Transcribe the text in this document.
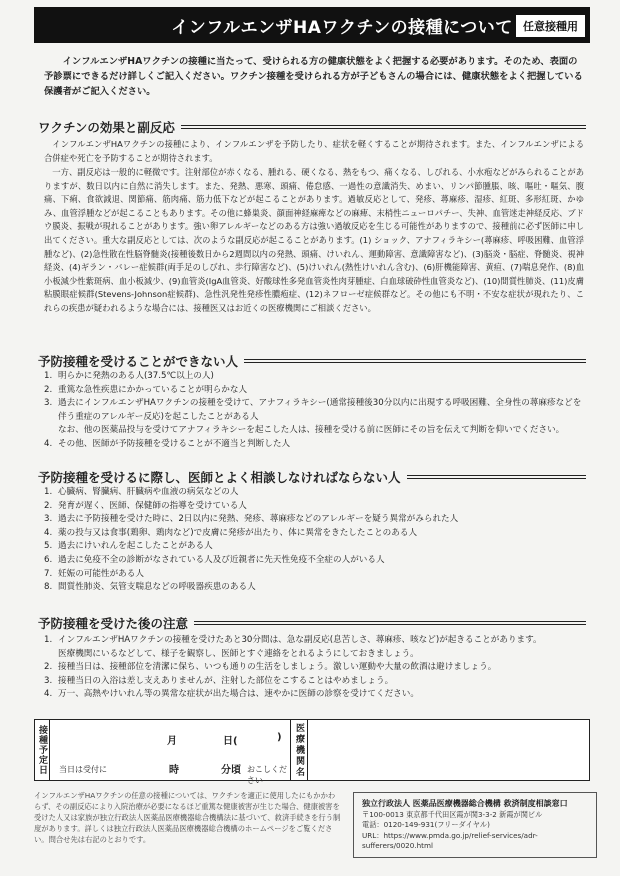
インフルエンザHAワクチンの接種について 任意接種用
インフルエンザHAワクチンの接種に当たって、受けられる方の健康状態をよく把握する必要があります。そのため、表面の予診票にできるだけ詳しくご記入ください。ワクチン接種を受けられる方が子どもさんの場合には、健康状態をよく把握している保護者がご記入ください。
ワクチンの効果と副反応
インフルエンザHAワクチンの接種により、インフルエンザを予防したり、症状を軽くすることが期待されます。また、インフルエンザによる合併症や死亡を予防することが期待されます。
一方、副反応は一般的に軽微です。注射部位が赤くなる、腫れる、硬くなる、熱をもつ、痛くなる、しびれる、小水疱などがみられることがありますが、数日以内に自然に消失します。また、発熱、悪寒、頭痛、倦怠感、一過性の意識消失、めまい、リンパ節腫脹、咳、嘔吐・嘔気、腹痛、下痢、食欲減退、関節痛、筋肉痛、筋力低下などが起こることがあります。過敏反応として、発疹、蕁麻疹、湿疹、紅斑、多形紅斑、かゆみ、血管浮腫などが起こることもあります。その他に蜂巣炎、顔面神経麻痺などの麻痺、末梢性ニューロパチー、失神、血管迷走神経反応、ブドウ膜炎、振戦が現れることがあります。強い卵アレルギーなどのある方は強い過敏反応を生じる可能性がありますので、接種前に必ず医師に申し出てください。重大な副反応としては、次のような副反応が起こることがあります。(1) ショック、アナフィラキシー(蕁麻疹、呼吸困難、血管浮腫など)、(2)急性散在性脳脊髄炎(接種後数日から2週間以内の発熱、頭痛、けいれん、運動障害、意識障害など)、(3)脳炎・脳症、脊髄炎、視神経炎、(4)ギラン・バレー症候群(両手足のしびれ、歩行障害など)、(5)けいれん(熱性けいれん含む)、(6)肝機能障害、黄疸、(7)喘息発作、(8)血小板減少性紫斑病、血小板減少、(9)血管炎(IgA血管炎、好酸球性多発血管炎性肉芽腫症、白血球破砕性血管炎など)、(10)間質性肺炎、(11)皮膚粘膜眼症候群(Stevens-Johnson症候群)、急性汎発性発疹性膿疱症、(12)ネフローゼ症候群など。その他にも不明・不安な症状が現れたり、これらの疾患が疑われるような場合には、接種医又はお近くの医療機関にご相談ください。
予防接種を受けることができない人
1. 明らかに発熱のある人(37.5℃以上の人)
2. 重篤な急性疾患にかかっていることが明らかな人
3. 過去にインフルエンザHAワクチンの接種を受けて、アナフィラキシー(通常接種後30分以内に出現する呼吸困難、全身性の蕁麻疹などを伴う重症のアレルギー反応)を起こしたことがある人
なお、他の医薬品投与を受けてアナフィラキシーを起こした人は、接種を受ける前に医師にその旨を伝えて判断を仰いでください。
4. その他、医師が予防接種を受けることが不適当と判断した人
予防接種を受けるに際し、医師とよく相談しなければならない人
1. 心臓病、腎臓病、肝臓病や血液の病気などの人
2. 発育が遅く、医師、保健師の指導を受けている人
3. 過去に予防接種を受けた時に、2日以内に発熱、発疹、蕁麻疹などのアレルギーを疑う異常がみられた人
4. 薬の投与又は食事(鶏卵、鶏肉など)で皮膚に発疹が出たり、体に異常をきたしたことのある人
5. 過去にけいれんを起こしたことがある人
6. 過去に免疫不全の診断がなされている人及び近親者に先天性免疫不全症の人がいる人
7. 妊娠の可能性がある人
8. 間質性肺炎、気管支喘息などの呼吸器疾患のある人
予防接種を受けた後の注意
1. インフルエンザHAワクチンの接種を受けたあと30分間は、急な副反応(息苦しさ、蕁麻疹、咳など)が起きることがあります。
医療機関にいるなどして、様子を観察し、医師とすぐ連絡をとれるようにしておきましょう。
2. 接種当日は、接種部位を清潔に保ち、いつも通りの生活をしましょう。激しい運動や大量の飲酒は避けましょう。
3. 接種当日の入浴は差し支えありませんが、注射した部位をこすることはやめましょう。
4. 万一、高熱やけいれん等の異常な症状が出た場合は、速やかに医師の診察を受けてください。
接種予定日	月	日(	)
当日は受付に	時	分頃 おこしください
医療機関名
インフルエンザHAワクチンの任意の接種については、ワクチンを適正に使用したにもかかわらず、その副反応により入院治療が必要になるほど重篤な健康被害が生じた場合、健康被害を受けた人又は家族が独立行政法人医薬品医療機器総合機構法に基づいて、救済手続きを行う制度があります。詳しくは独立行政法人医薬品医療機器総合機構のホームページをご覧ください。問合せ先は右記のとおりです。
独立行政法人 医薬品医療機器総合機構 救済制度相談窓口
〒100-0013 東京都千代田区霞が関3-3-2 新霞が関ビル
電話：0120-149-931(フリーダイヤル)
URL：https://www.pmda.go.jp/relief-services/adr-sufferers/0020.html
